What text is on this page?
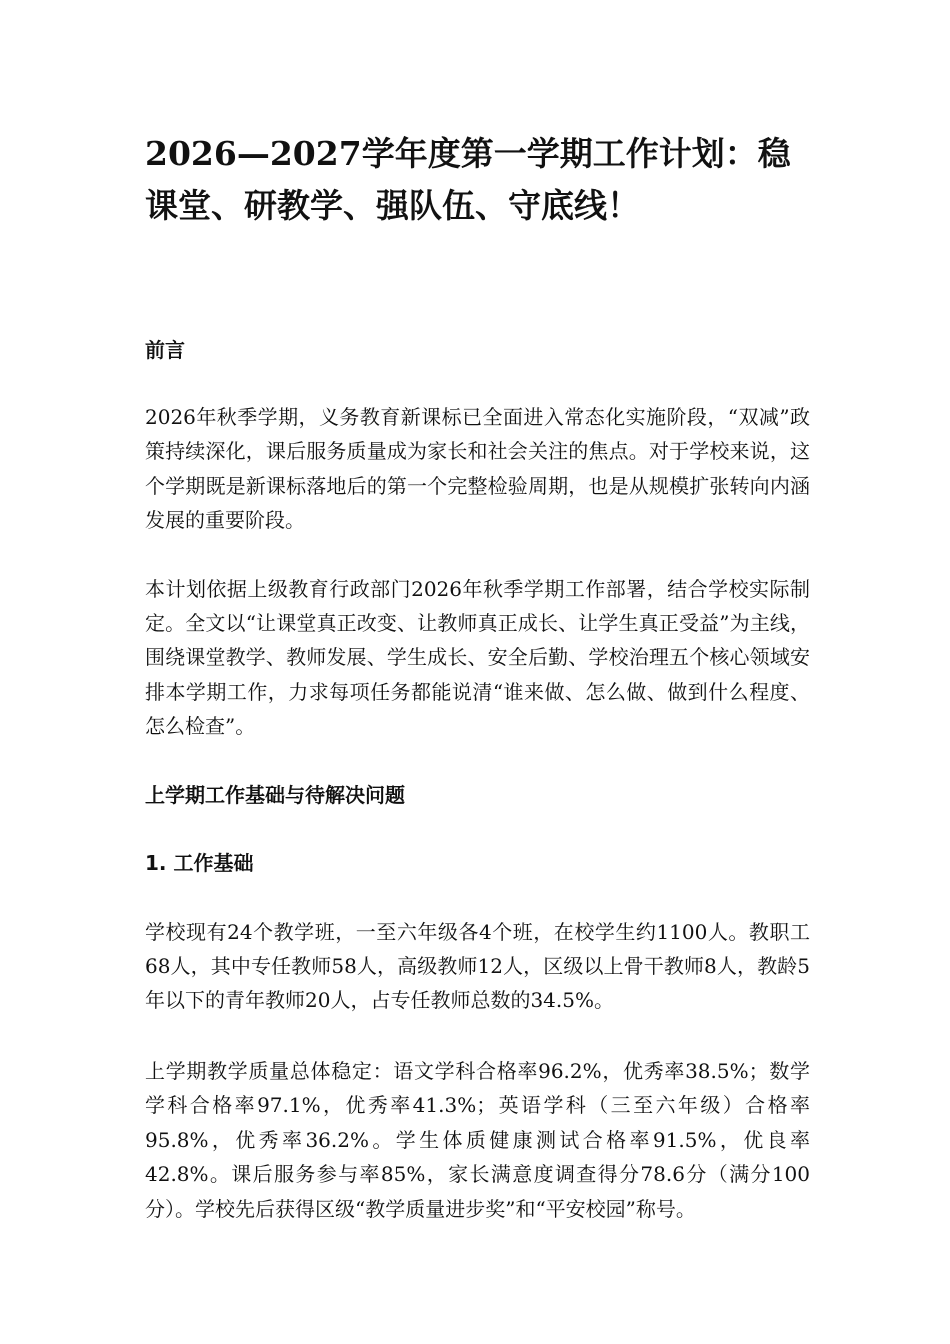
2026—2027学年度第一学期工作计划：稳课堂、研教学、强队伍、守底线！
前言

2026年秋季学期，义务教育新课标已全面进入常态化实施阶段，“双减”政策持续深化，课后服务质量成为家长和社会关注的焦点。对于学校来说，这个学期既是新课标落地后的第一个完整检验周期，也是从规模扩张转向内涵发展的重要阶段。

本计划依据上级教育行政部门2026年秋季学期工作部署，结合学校实际制定。全文以“让课堂真正改变、让教师真正成长、让学生真正受益”为主线，围绕课堂教学、教师发展、学生成长、安全后勤、学校治理五个核心领域安排本学期工作，力求每项任务都能说清“谁来做、怎么做、做到什么程度、怎么检查”。

上学期工作基础与待解决问题
1. 工作基础

学校现有24个教学班，一至六年级各4个班，在校学生约1100人。教职工68人，其中专任教师58人，高级教师12人，区级以上骨干教师8人，教龄5年以下的青年教师20人，占专任教师总数的34.5%。

上学期教学质量总体稳定：语文学科合格率96.2%，优秀率38.5%；数学学科合格率97.1%，优秀率41.3%；英语学科（三至六年级）合格率95.8%，优秀率36.2%。学生体质健康测试合格率91.5%，优良率42.8%。课后服务参与率85%，家长满意度调查得分78.6分（满分100分）。学校先后获得区级“教学质量进步奖”和“平安校园”称号。
